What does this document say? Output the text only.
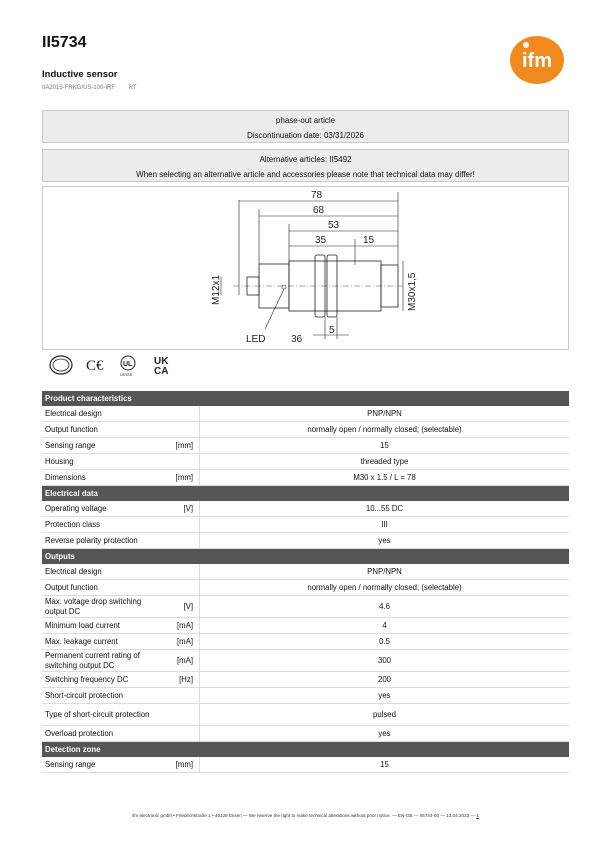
II5734
Inductive sensor
IIA2015-FRKG/US-100-IRF RT
ifm
phase-out article
Discontinuation date: 03/31/2026
Alternative articles: II5492
When selecting an alternative article and accessories please note that technical data may differ!
78
68
53
35	15
M12x1	M30x1,5
LED	36
5
C€	UL
LISTED
UK
CA
Product characteristics		
Electrical design		PNP/NPN
Output function		normally open / normally closed; (selectable)
Sensing range	[mm]	15
Housing		threaded type
Dimensions	[mm]	M30 x 1.5 / L = 78
Electrical data		
Operating voltage	[V]	10...55 DC
Protection class		III
Reverse polarity protection		yes
Outputs		
Electrical design		PNP/NPN
Output function		normally open / normally closed; (selectable)
Max. voltage drop switching output DC	[V]	4.6
Minimum load current	[mA]	4
Max. leakage current	[mA]	0.5
Permanent current rating of switching output DC	[mA]	300
Switching frequency DC	[Hz]	200
Short-circuit protection		yes
Type of short-circuit protection		pulsed
Overload protection		yes
Detection zone		
Sensing range	[mm]	15
ifm electronic gmbh • Friedrichstraße 1 • 45128 Essen — We reserve the right to make technical alterations without prior notice. — EN-GB — II5734-00 — 13.04.2023 — 1
